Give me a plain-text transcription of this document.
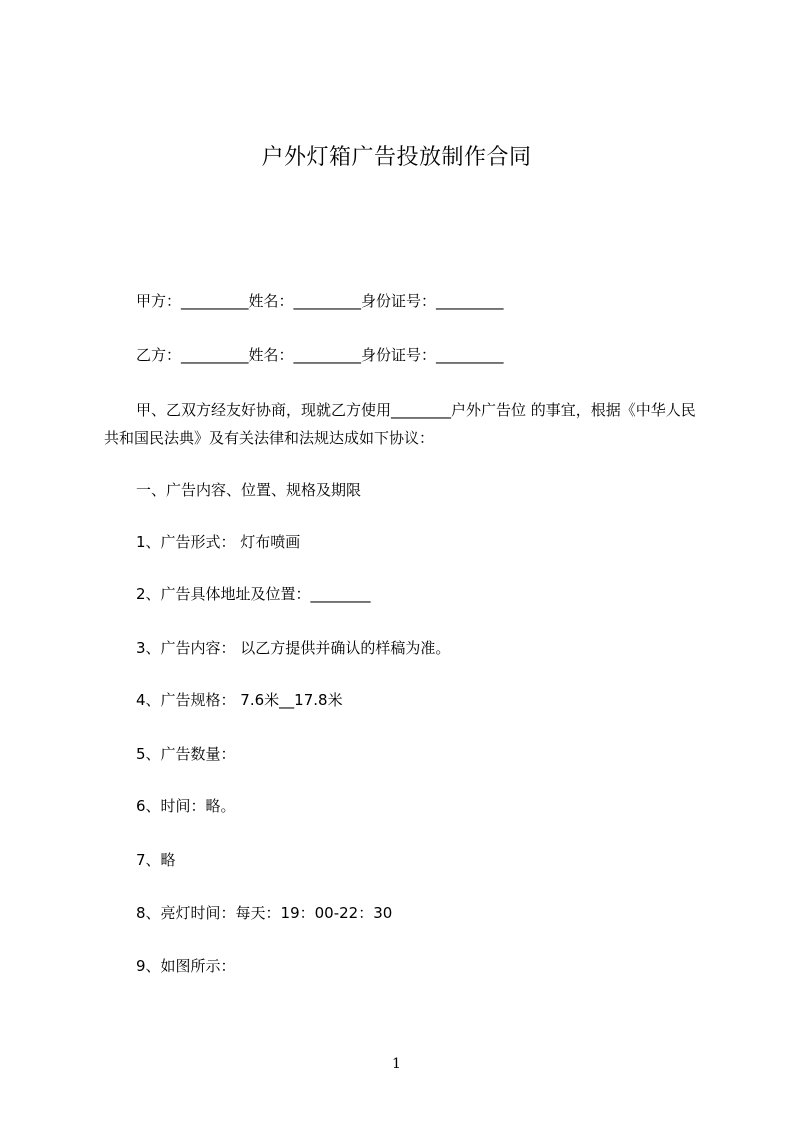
户外灯箱广告投放制作合同
甲方：_________姓名：_________身份证号：_________
乙方：_________姓名：_________身份证号：_________
甲、乙双方经友好协商，现就乙方使用________户外广告位 的事宜，根据《中华人民共和国民法典》及有关法律和法规达成如下协议：
一、广告内容、位置、规格及期限
1、广告形式： 灯布喷画
2、广告具体地址及位置：________
3、广告内容： 以乙方提供并确认的样稿为准。
4、广告规格： 7.6米__17.8米
5、广告数量：
6、时间：略。
7、略
8、亮灯时间：每天：19：00-22：30
9、如图所示：
1
